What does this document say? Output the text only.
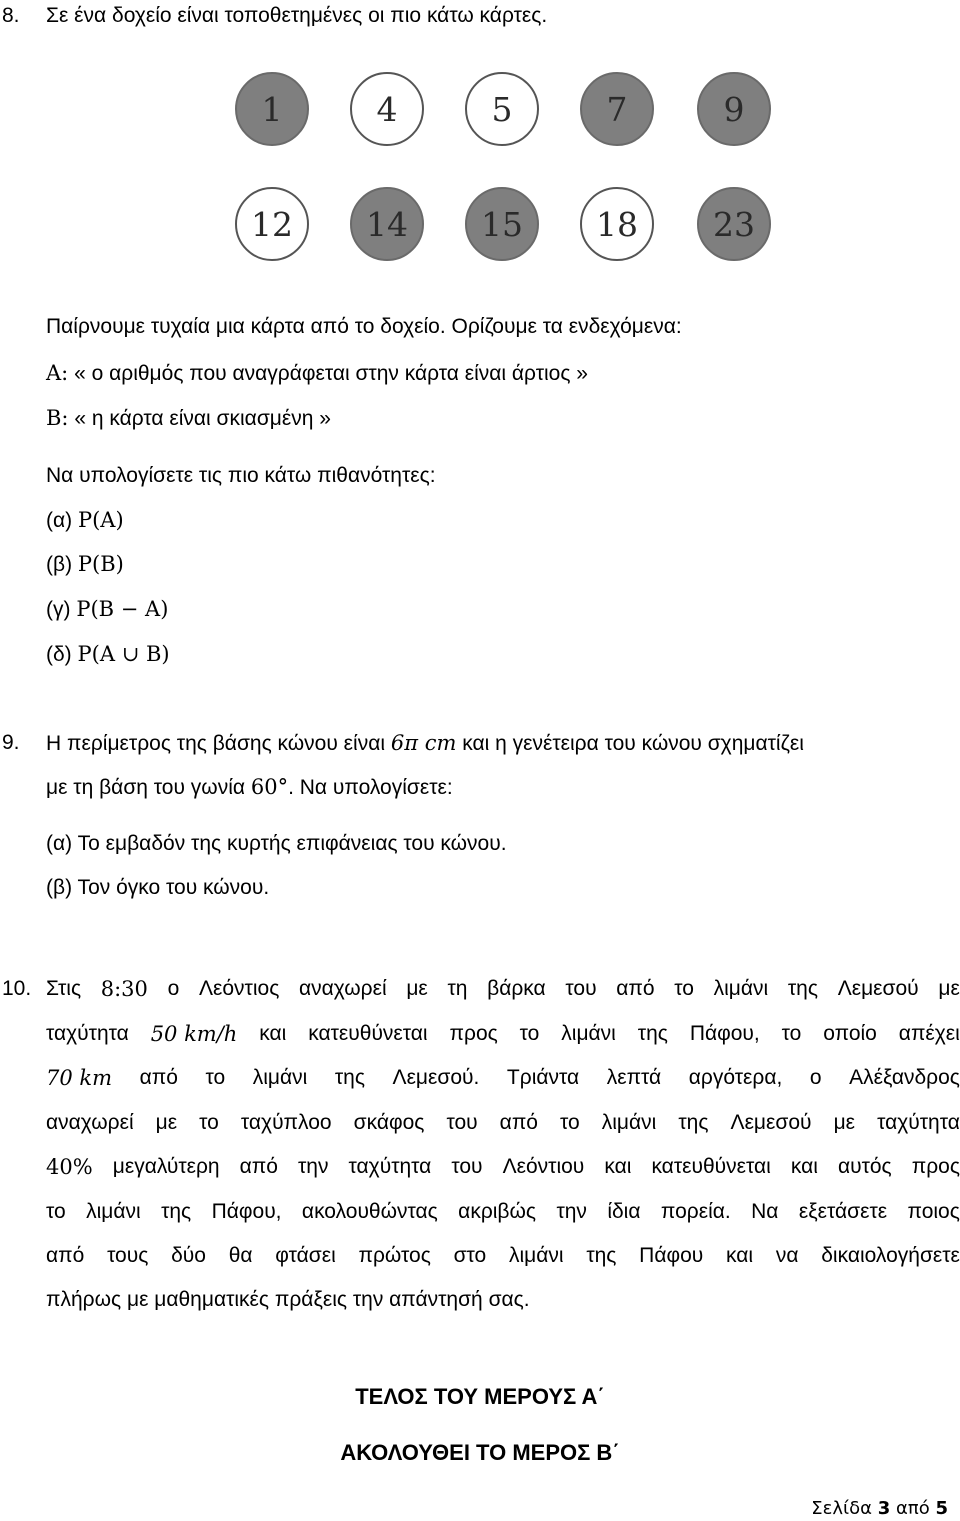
8. Σε ένα δοχείο είναι τοποθετημένες οι πιο κάτω κάρτες.
1	4	5	7	9
12	14	15	18	23
Παίρνουμε τυχαία μια κάρτα από το δοχείο. Ορίζουμε τα ενδεχόμενα:
Α: « ο αριθμός που αναγράφεται στην κάρτα είναι άρτιος »
Β: « η κάρτα είναι σκιασμένη »
Να υπολογίσετε τις πιο κάτω πιθανότητες:
(α) P(Α)
(β) P(Β)
(γ) P(Β − Α)
(δ) P(Α ∪ Β)
9. Η περίμετρος της βάσης κώνου είναι 6π cm και η γενέτειρα του κώνου σχηματίζει
με τη βάση του γωνία 60°. Να υπολογίσετε:
(α) Το εμβαδόν της κυρτής επιφάνειας του κώνου.
(β) Τον όγκο του κώνου.
10. Στις 8:30 ο Λεόντιος αναχωρεί με τη βάρκα του από το λιμάνι της Λεμεσού με
ταχύτητα 50 km/h και κατευθύνεται προς το λιμάνι της Πάφου, το οποίο απέχει
70 km από το λιμάνι της Λεμεσού. Τριάντα λεπτά αργότερα, ο Αλέξανδρος
αναχωρεί με το ταχύπλοο σκάφος του από το λιμάνι της Λεμεσού με ταχύτητα
40% μεγαλύτερη από την ταχύτητα του Λεόντιου και κατευθύνεται και αυτός προς
το λιμάνι της Πάφου, ακολουθώντας ακριβώς την ίδια πορεία. Να εξετάσετε ποιος
από τους δύο θα φτάσει πρώτος στο λιμάνι της Πάφου και να δικαιολογήσετε
πλήρως με μαθηματικές πράξεις την απάντησή σας.
ΤΕΛΟΣ ΤΟΥ ΜΕΡΟΥΣ Α΄
ΑΚΟΛΟΥΘΕΙ ΤΟ ΜΕΡΟΣ Β΄
Σελίδα 3 από 5
